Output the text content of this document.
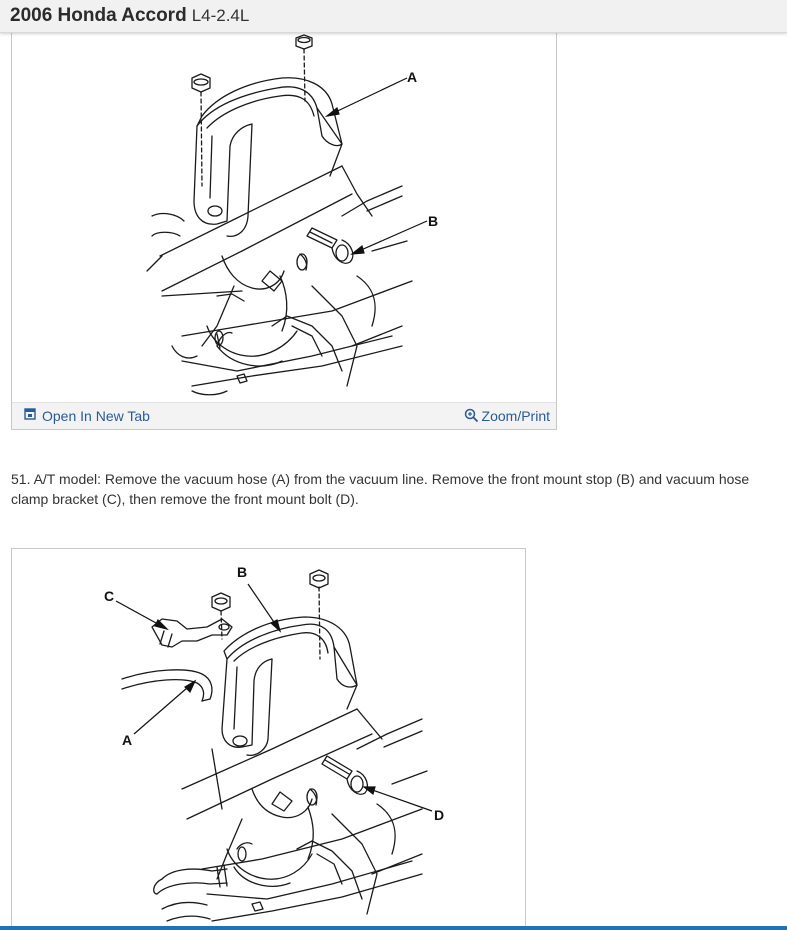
2006 Honda Accord L4-2.4L
A
B
Open In New Tab	Zoom/Print
51. A/T model: Remove the vacuum hose (A) from the vacuum line. Remove the front mount stop (B) and vacuum hose clamp bracket (C), then remove the front mount bolt (D).
B
C
A
D
